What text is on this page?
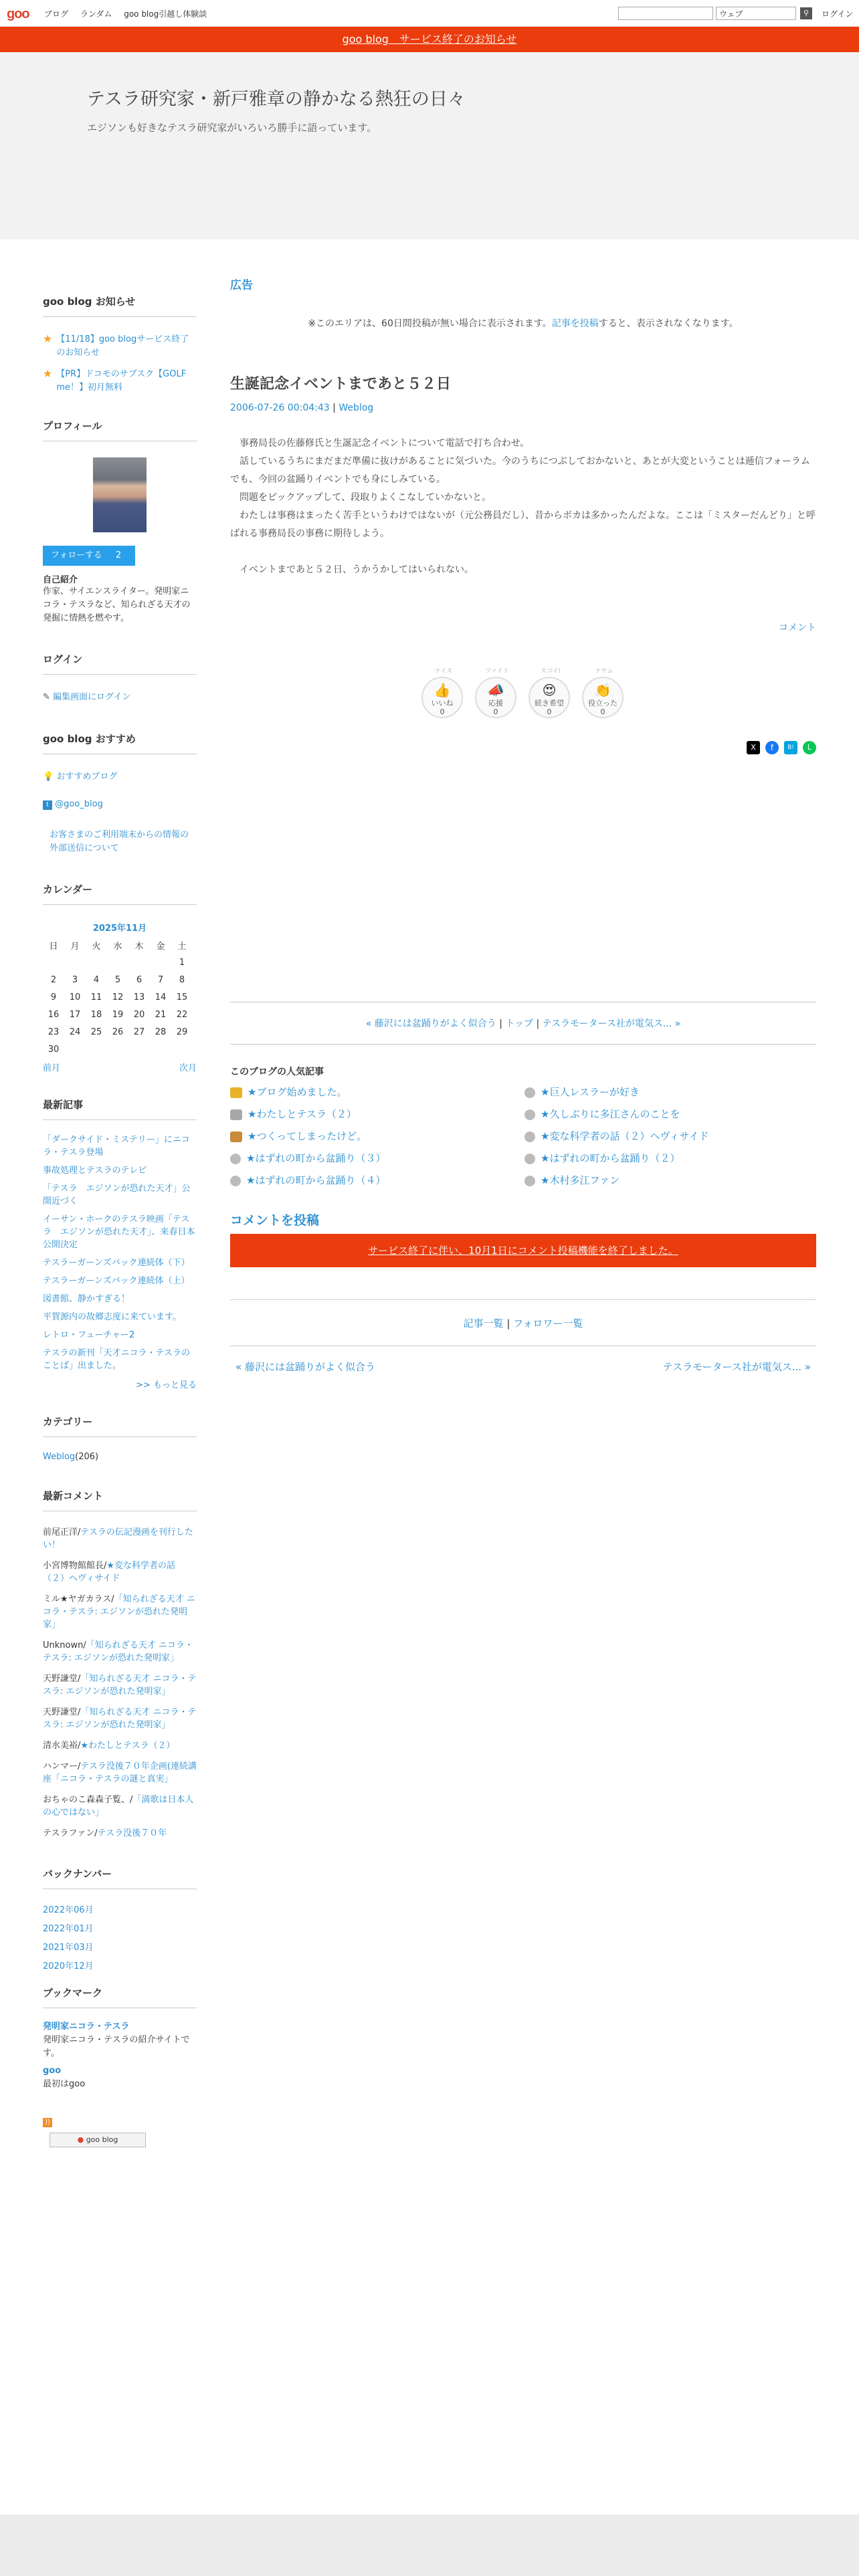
goo ブログ ランダム goo blog引越し体験談	ウェブ	⚲	ログイン
goo blog　サービス終了のお知らせ
テスラ研究家・新戸雅章の静かなる熱狂の日々
エジソンも好きなテスラ研究家がいろいろ勝手に語っています。
goo blog お知らせ
★ 【11/18】goo blogサービス終了のお知らせ
★ 【PR】ドコモのサブスク【GOLF me！】初月無料
プロフィール
フォローする 2
自己紹介
作家、サイエンスライター。発明家ニコラ・テスラなど、知られざる天才の発掘に情熱を燃やす。
ログイン
✎ 編集画面にログイン
goo blog おすすめ
💡 おすすめブログ
t @goo_blog
お客さまのご利用端末からの情報の外部送信について
カレンダー
2025年11月
日	月	火	水	木	金	土
						1
2	3	4	5	6	7	8
9	10	11	12	13	14	15
16	17	18	19	20	21	22
23	24	25	26	27	28	29
30						
前月	次月
最新記事
「ダークサイド・ミステリー」にニコラ・テスラ登場
事故処理とテスラのテレビ
「テスラ　エジソンが恐れた天才」公開近づく
イーサン・ホークのテスラ映画「テスラ　エジソンが恐れた天才」、来春日本公開決定
テスラーガーンズバック連続体（下）
テスラーガーンズバック連続体（上）
図書館、静かすぎる！
平賀源内の故郷志度に来ています。
レトロ・フューチャー2
テスラの新刊「天才ニコラ・テスラのことば」出ました。
>> もっと見る
カテゴリー
Weblog(206)
最新コメント
前尾正洋/テスラの伝記漫画を刊行したい！
小宮博物館館長/★変な科学者の話（２）ヘヴィサイド
ミル★ヤガカラス/「知られざる天才 ニコラ・テスラ: エジソンが恐れた発明家」
Unknown/「知られざる天才 ニコラ・テスラ: エジソンが恐れた発明家」
天野謙堂/「知られざる天才 ニコラ・テスラ: エジソンが恐れた発明家」
天野謙堂/「知られざる天才 ニコラ・テスラ: エジソンが恐れた発明家」
清水美裕/★わたしとテスラ（２）
ハンマー/テスラ没後７０年企画(連続講座「ニコラ・テスラの謎と真実」
おちゃのこ森森子覧、/「満歌は日本人の心ではない」
テスラファン/テスラ没後７０年
バックナンバー
2022年06月
2022年01月
2021年03月
2020年12月
ブックマーク
発明家ニコラ・テスラ
発明家ニコラ・テスラの紹介サイトです。
goo
最初はgoo
))
● goo blog
広告
※このエリアは、60日間投稿が無い場合に表示されます。記事を投稿すると、表示されなくなります。
生誕記念イベントまであと５２日
2006-07-26 00:04:43 | Weblog

事務局長の佐藤修氏と生誕記念イベントについて電話で打ち合わせ。

話しているうちにまだまだ準備に抜けがあることに気づいた。今のうちにつぶしておかないと、あとが大変ということは逓信フォーラムでも、今回の盆踊りイベントでも身にしみている。

問題をピックアップして、段取りよくこなしていかないと。

わたしは事務はまったく苦手というわけではないが（元公務員だし）、昔からボカは多かったんだよな。ここは「ミスターだんどり」と呼ばれる事務局長の事務に期待しよう。

イベントまであと５２日、うかうかしてはいられない。

コメント
ナイス
👍
いいね
0
ファイト
📣
応援
0
スゴイ!
😍
続き希望
0
ナヤム
👏
役立った
0
X	f	B!	L
« 藤沢には盆踊りがよく似合う | トップ | テスラモータース社が電気ス... »
このブログの人気記事
★ブログ始めました。	★巨人レスラーが好き
★わたしとテスラ（２）	★久しぶりに多江さんのことを
★つくってしまったけど。	★変な科学者の話（２）ヘヴィサイド
★はずれの町から盆踊り（３）	★はずれの町から盆踊り（２）
★はずれの町から盆踊り（４）	★木村多江ファン
コメントを投稿
サービス終了に伴い、10月1日にコメント投稿機能を終了しました。
記事一覧 | フォロワー一覧
« 藤沢には盆踊りがよく似合う	テスラモータース社が電気ス... »
